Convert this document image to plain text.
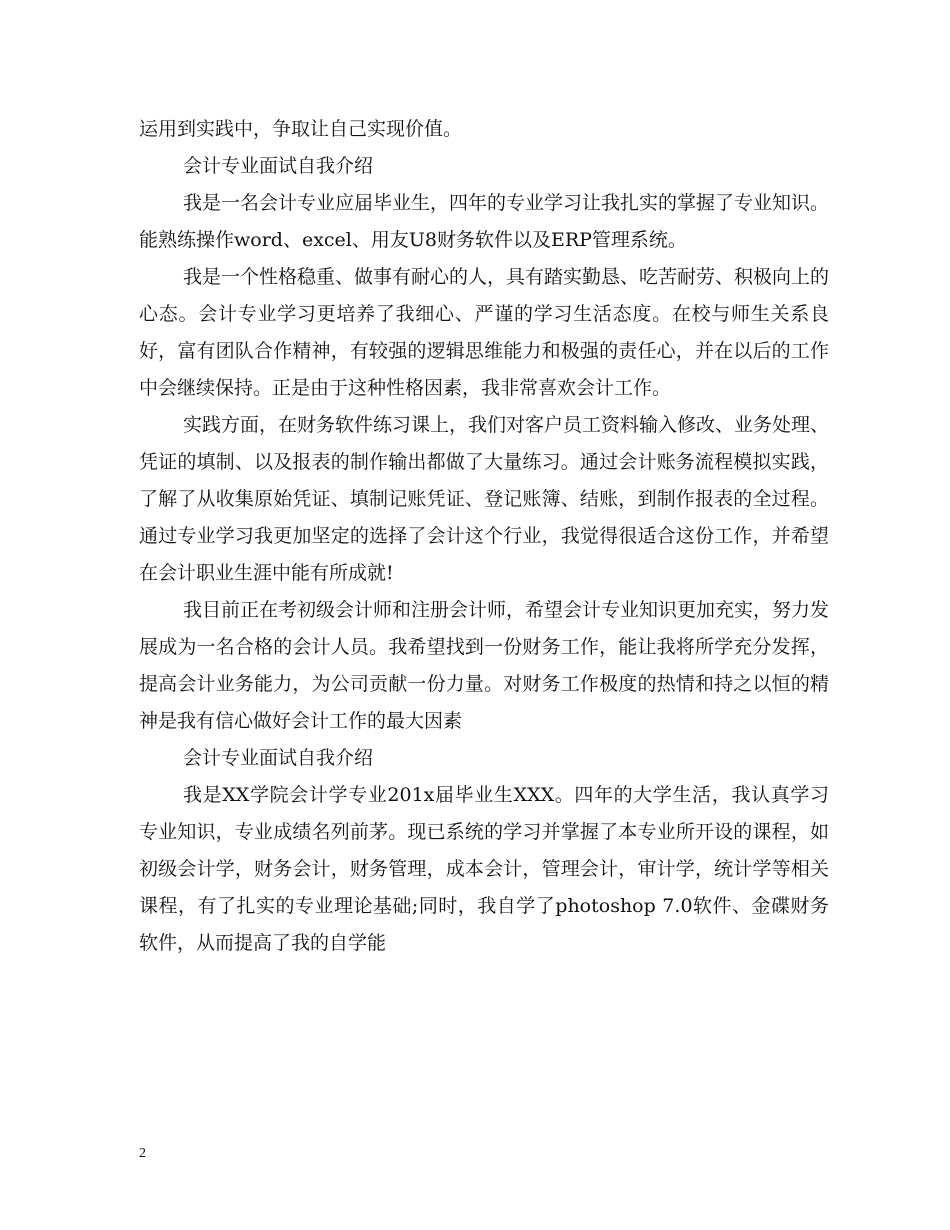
运用到实践中，争取让自己实现价值。

会计专业面试自我介绍

我是一名会计专业应届毕业生，四年的专业学习让我扎实的掌握了专业知识。能熟练操作word、excel、用友U8财务软件以及ERP管理系统。

我是一个性格稳重、做事有耐心的人，具有踏实勤恳、吃苦耐劳、积极向上的心态。会计专业学习更培养了我细心、严谨的学习生活态度。在校与师生关系良好，富有团队合作精神，有较强的逻辑思维能力和极强的责任心，并在以后的工作中会继续保持。正是由于这种性格因素，我非常喜欢会计工作。

实践方面，在财务软件练习课上，我们对客户员工资料输入修改、业务处理、凭证的填制、以及报表的制作输出都做了大量练习。通过会计账务流程模拟实践，了解了从收集原始凭证、填制记账凭证、登记账簿、结账，到制作报表的全过程。通过专业学习我更加坚定的选择了会计这个行业，我觉得很适合这份工作，并希望在会计职业生涯中能有所成就!

我目前正在考初级会计师和注册会计师，希望会计专业知识更加充实，努力发展成为一名合格的会计人员。我希望找到一份财务工作，能让我将所学充分发挥，提高会计业务能力，为公司贡献一份力量。对财务工作极度的热情和持之以恒的精神是我有信心做好会计工作的最大因素

会计专业面试自我介绍

我是XX学院会计学专业201x届毕业生XXX。四年的大学生活，我认真学习专业知识，专业成绩名列前茅。现已系统的学习并掌握了本专业所开设的课程，如初级会计学，财务会计，财务管理，成本会计，管理会计，审计学，统计学等相关课程，有了扎实的专业理论基础;同时，我自学了photoshop 7.0软件、金碟财务软件，从而提高了我的自学能

2
